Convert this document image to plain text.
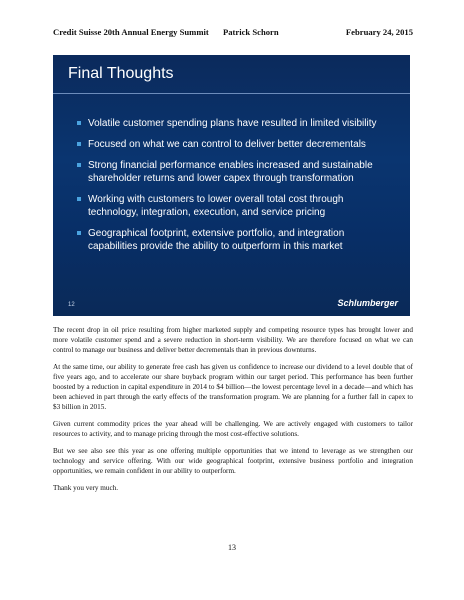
Credit Suisse 20th Annual Energy Summit Patrick Schorn	February 24, 2015
Final Thoughts
Volatile customer spending plans have resulted in limited visibility
Focused on what we can control to deliver better decrementals
Strong financial performance enables increased and sustainable shareholder returns and lower capex through transformation
Working with customers to lower overall total cost through technology, integration, execution, and service pricing
Geographical footprint, extensive portfolio, and integration capabilities provide the ability to outperform in this market
12	Schlumberger

The recent drop in oil price resulting from higher marketed supply and competing resource types has brought lower and more volatile customer spend and a severe reduction in short-term visibility. We are therefore focused on what we can control to manage our business and deliver better decrementals than in previous downturns.

At the same time, our ability to generate free cash has given us confidence to increase our dividend to a level double that of five years ago, and to accelerate our share buyback program within our target period. This performance has been further boosted by a reduction in capital expenditure in 2014 to $4 billion—the lowest percentage level in a decade—and which has been achieved in part through the early effects of the transformation program. We are planning for a further fall in capex to $3 billion in 2015.

Given current commodity prices the year ahead will be challenging. We are actively engaged with customers to tailor resources to activity, and to manage pricing through the most cost-effective solutions.

But we see also see this year as one offering multiple opportunities that we intend to leverage as we strengthen our technology and service offering. With our wide geographical footprint, extensive business portfolio and integration opportunities, we remain confident in our ability to outperform.

Thank you very much.

13
